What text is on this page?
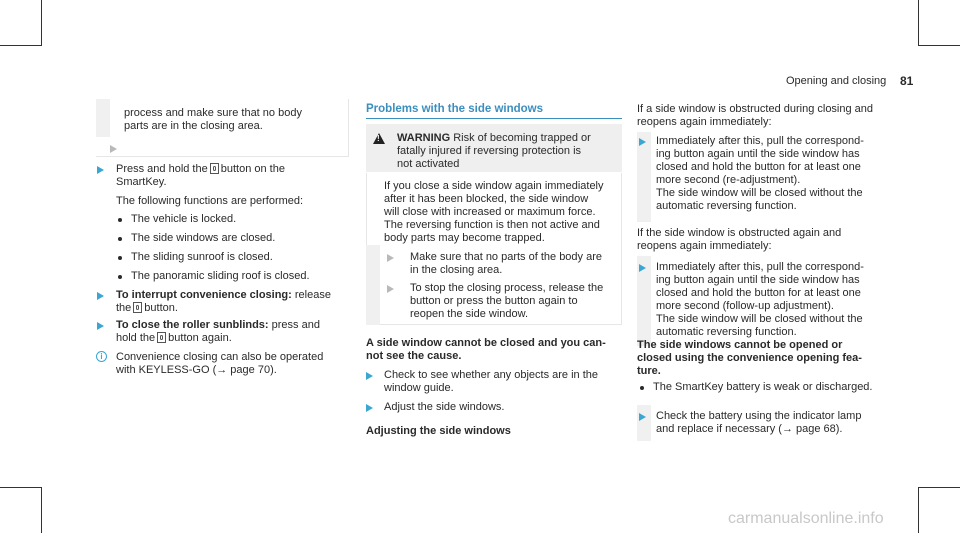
Opening and closing 81

process and make sure that no body

parts are in the closing area.

Press and hold the button on the

SmartKey.

The following functions are performed:

The vehicle is locked.

The side windows are closed.

The sliding sunroof is closed.

The panoramic sliding roof is closed.

To interrupt convenience closing: release

the button.

To close the roller sunblinds: press and

hold the button again.

i	Convenience closing can also be operated

with KEYLESS-GO (→ page 70).

Problems with the side windows

!

WARNING Risk of becoming trapped or

fatally injured if reversing protection is

not activated

If you close a side window again immediately

after it has been blocked, the side window

will close with increased or maximum force.

The reversing function is then not active and

body parts may become trapped.

Make sure that no parts of the body are

in the closing area.

To stop the closing process, release the

button or press the button again to

reopen the side window.

A side window cannot be closed and you can-

not see the cause.

Check to see whether any objects are in the

window guide.

Adjust the side windows.

Adjusting the side windows

If a side window is obstructed during closing and

reopens again immediately:

Immediately after this, pull the correspond-

ing button again until the side window has

closed and hold the button for at least one

more second (re-adjustment).

The side window will be closed without the

automatic reversing function.

If the side window is obstructed again and

reopens again immediately:

Immediately after this, pull the correspond-

ing button again until the side window has

closed and hold the button for at least one

more second (follow-up adjustment).

The side window will be closed without the

automatic reversing function.

The side windows cannot be opened or

closed using the convenience opening fea-

ture.

The SmartKey battery is weak or discharged.

Check the battery using the indicator lamp

and replace if necessary (→ page 68).

carmanualsonline.info
